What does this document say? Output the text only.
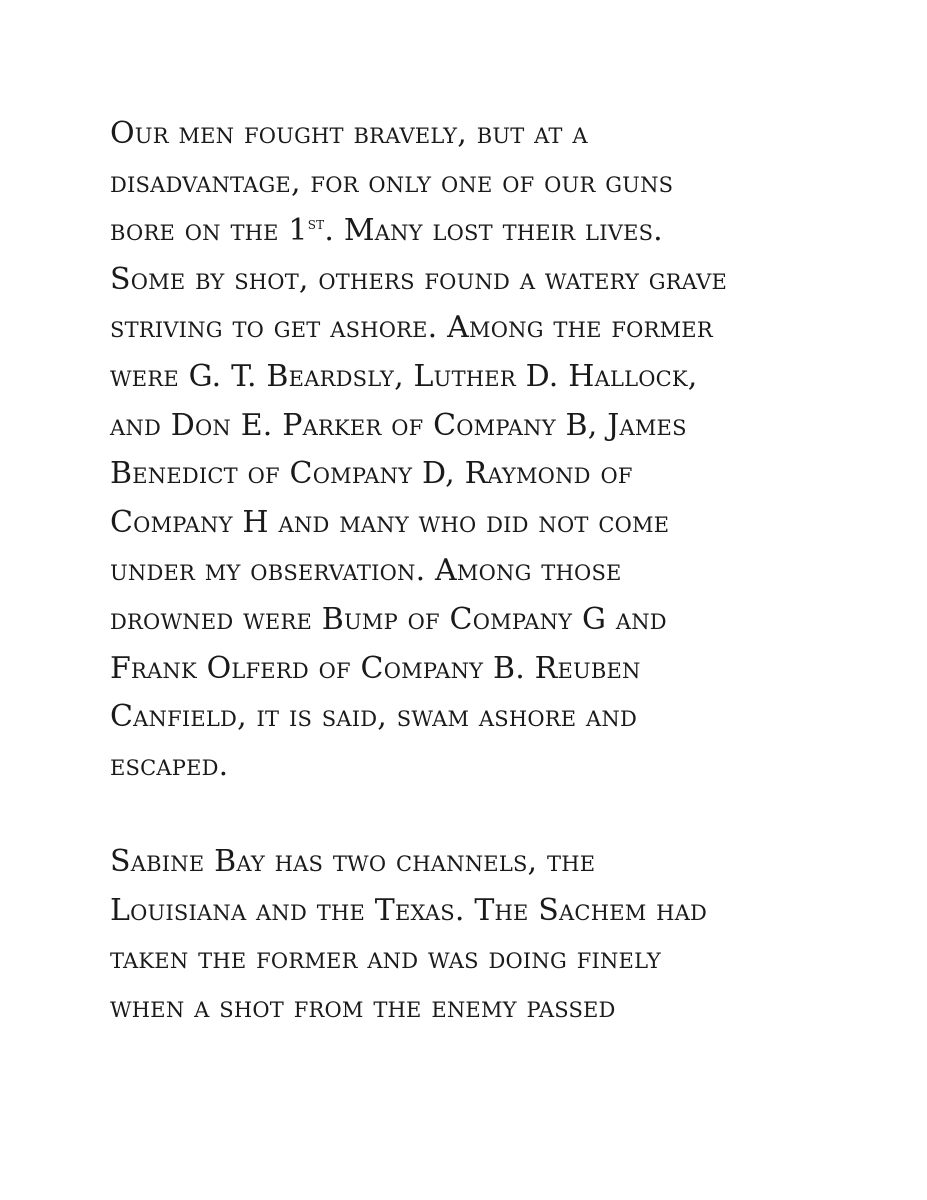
Our men fought bravely, but at a
disadvantage, for only one of our guns
bore on the 1st. Many lost their lives.
Some by shot, others found a watery grave
striving to get ashore. Among the former
were G. T. Beardsly, Luther D. Hallock,
and Don E. Parker of Company B, James
Benedict of Company D, Raymond of
Company H and many who did not come
under my observation. Among those
drowned were Bump of Company G and
Frank Olferd of Company B. Reuben
Canfield, it is said, swam ashore and
escaped.
Sabine Bay has two channels, the
Louisiana and the Texas. The Sachem had
taken the former and was doing finely
when a shot from the enemy passed
